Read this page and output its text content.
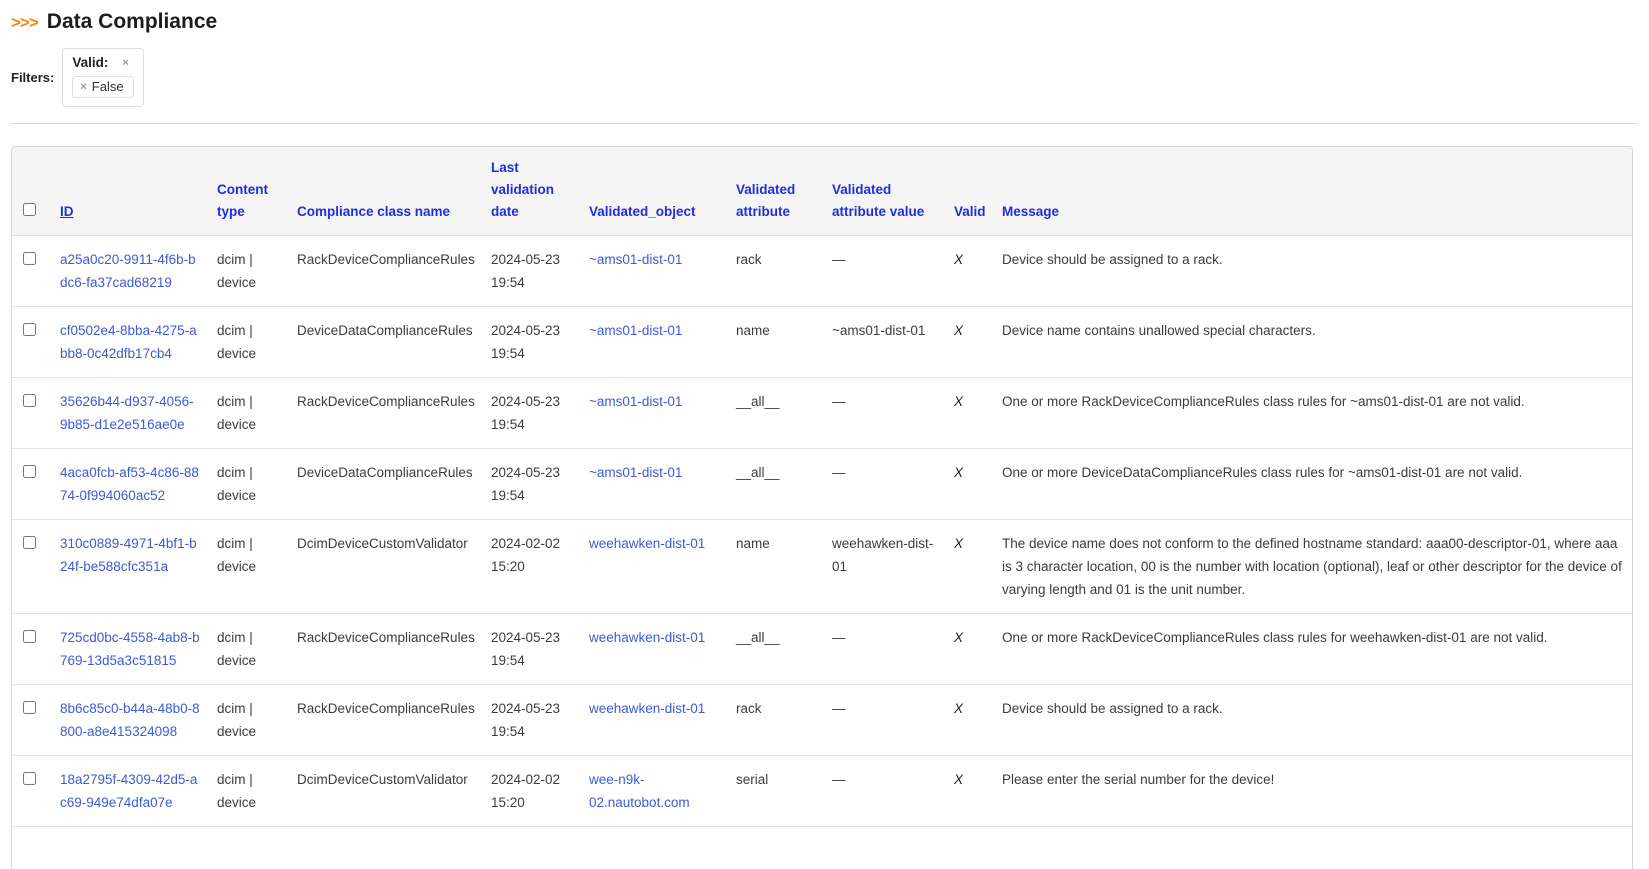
>>> Data Compliance
Filters:
Valid: ×
× False
	ID	Content type	Compliance class name	Last validation date	Validated_object	Validated attribute	Validated attribute value	Valid	Message
	a25a0c20-9911-4f6b-bdc6-fa37cad68219	dcim | device	RackDeviceComplianceRules	2024-05-23 19:54	~ams01-dist-01	rack	—	X	Device should be assigned to a rack.
	cf0502e4-8bba-4275-abb8-0c42dfb17cb4	dcim | device	DeviceDataComplianceRules	2024-05-23 19:54	~ams01-dist-01	name	~ams01-dist-01	X	Device name contains unallowed special characters.
	35626b44-d937-4056-9b85-d1e2e516ae0e	dcim | device	RackDeviceComplianceRules	2024-05-23 19:54	~ams01-dist-01	__all__	—	X	One or more RackDeviceComplianceRules class rules for ~ams01-dist-01 are not valid.
	4aca0fcb-af53-4c86-8874-0f994060ac52	dcim | device	DeviceDataComplianceRules	2024-05-23 19:54	~ams01-dist-01	__all__	—	X	One or more DeviceDataComplianceRules class rules for ~ams01-dist-01 are not valid.
	310c0889-4971-4bf1-b24f-be588cfc351a	dcim | device	DcimDeviceCustomValidator	2024-02-02 15:20	weehawken-dist-01	name	weehawken-dist-01	X	The device name does not conform to the defined hostname standard: aaa00-descriptor-01, where aaa is 3 character location, 00 is the number with location (optional), leaf or other descriptor for the device of varying length and 01 is the unit number.
	725cd0bc-4558-4ab8-b769-13d5a3c51815	dcim | device	RackDeviceComplianceRules	2024-05-23 19:54	weehawken-dist-01	__all__	—	X	One or more RackDeviceComplianceRules class rules for weehawken-dist-01 are not valid.
	8b6c85c0-b44a-48b0-8800-a8e415324098	dcim | device	RackDeviceComplianceRules	2024-05-23 19:54	weehawken-dist-01	rack	—	X	Device should be assigned to a rack.
	18a2795f-4309-42d5-ac69-949e74dfa07e	dcim | device	DcimDeviceCustomValidator	2024-02-02 15:20	wee-n9k-02.nautobot.com	serial	—	X	Please enter the serial number for the device!
